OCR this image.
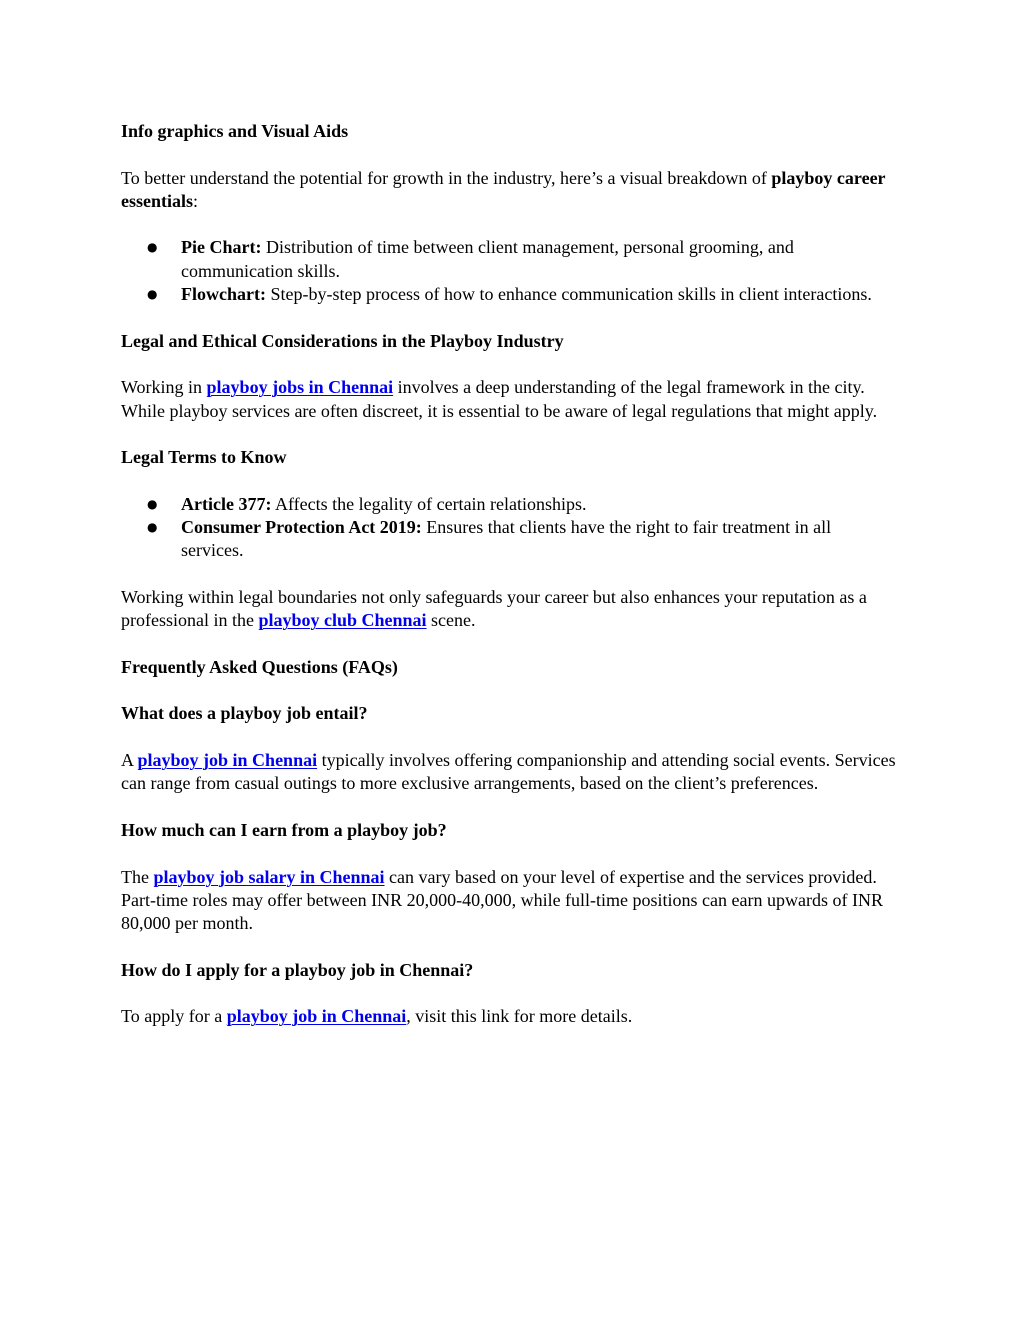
Info graphics and Visual Aids

To better understand the potential for growth in the industry, here’s a visual breakdown of playboy career essentials:

● Pie Chart: Distribution of time between client management, personal grooming, and communication skills.
● Flowchart: Step-by-step process of how to enhance communication skills in client interactions.
Legal and Ethical Considerations in the Playboy Industry

Working in playboy jobs in Chennai involves a deep understanding of the legal framework in the city. While playboy services are often discreet, it is essential to be aware of legal regulations that might apply.

Legal Terms to Know
● Article 377: Affects the legality of certain relationships.
● Consumer Protection Act 2019: Ensures that clients have the right to fair treatment in all services.

Working within legal boundaries not only safeguards your career but also enhances your reputation as a professional in the playboy club Chennai scene.

Frequently Asked Questions (FAQs)
What does a playboy job entail?

A playboy job in Chennai typically involves offering companionship and attending social events. Services can range from casual outings to more exclusive arrangements, based on the client’s preferences.

How much can I earn from a playboy job?

The playboy job salary in Chennai can vary based on your level of expertise and the services provided. Part-time roles may offer between INR 20,000-40,000, while full-time positions can earn upwards of INR 80,000 per month.

How do I apply for a playboy job in Chennai?

To apply for a playboy job in Chennai, visit this link for more details.
